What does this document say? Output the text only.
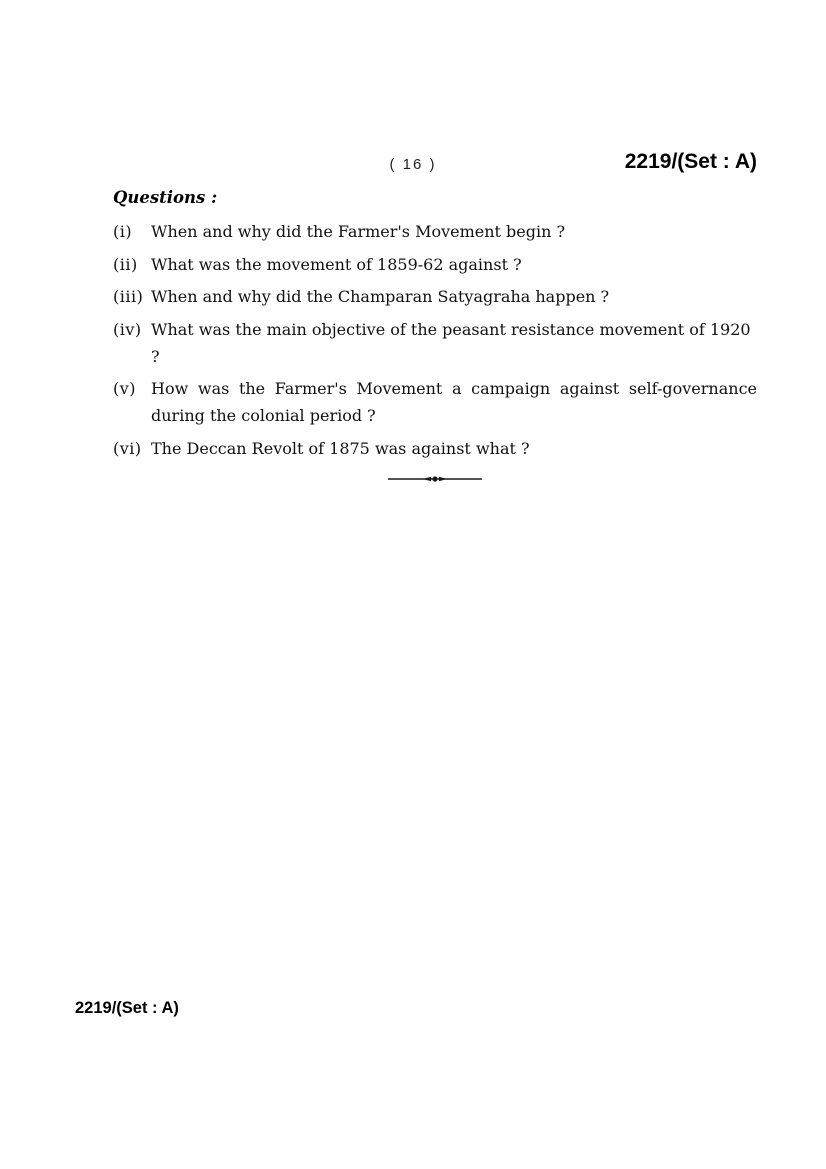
( 16 )	2219/(Set : A)
Questions :
(i)	When and why did the Farmer's Movement begin ?
(ii) What was the movement of 1859-62 against ?
(iii) When and why did the Champaran Satyagraha happen ?
(iv) What was the main objective of the peasant resistance movement of 1920 ?
(v) How was the Farmer's Movement a campaign against self-governance during the colonial period ?
(vi) The Deccan Revolt of 1875 was against what ?
2219/(Set : A)
